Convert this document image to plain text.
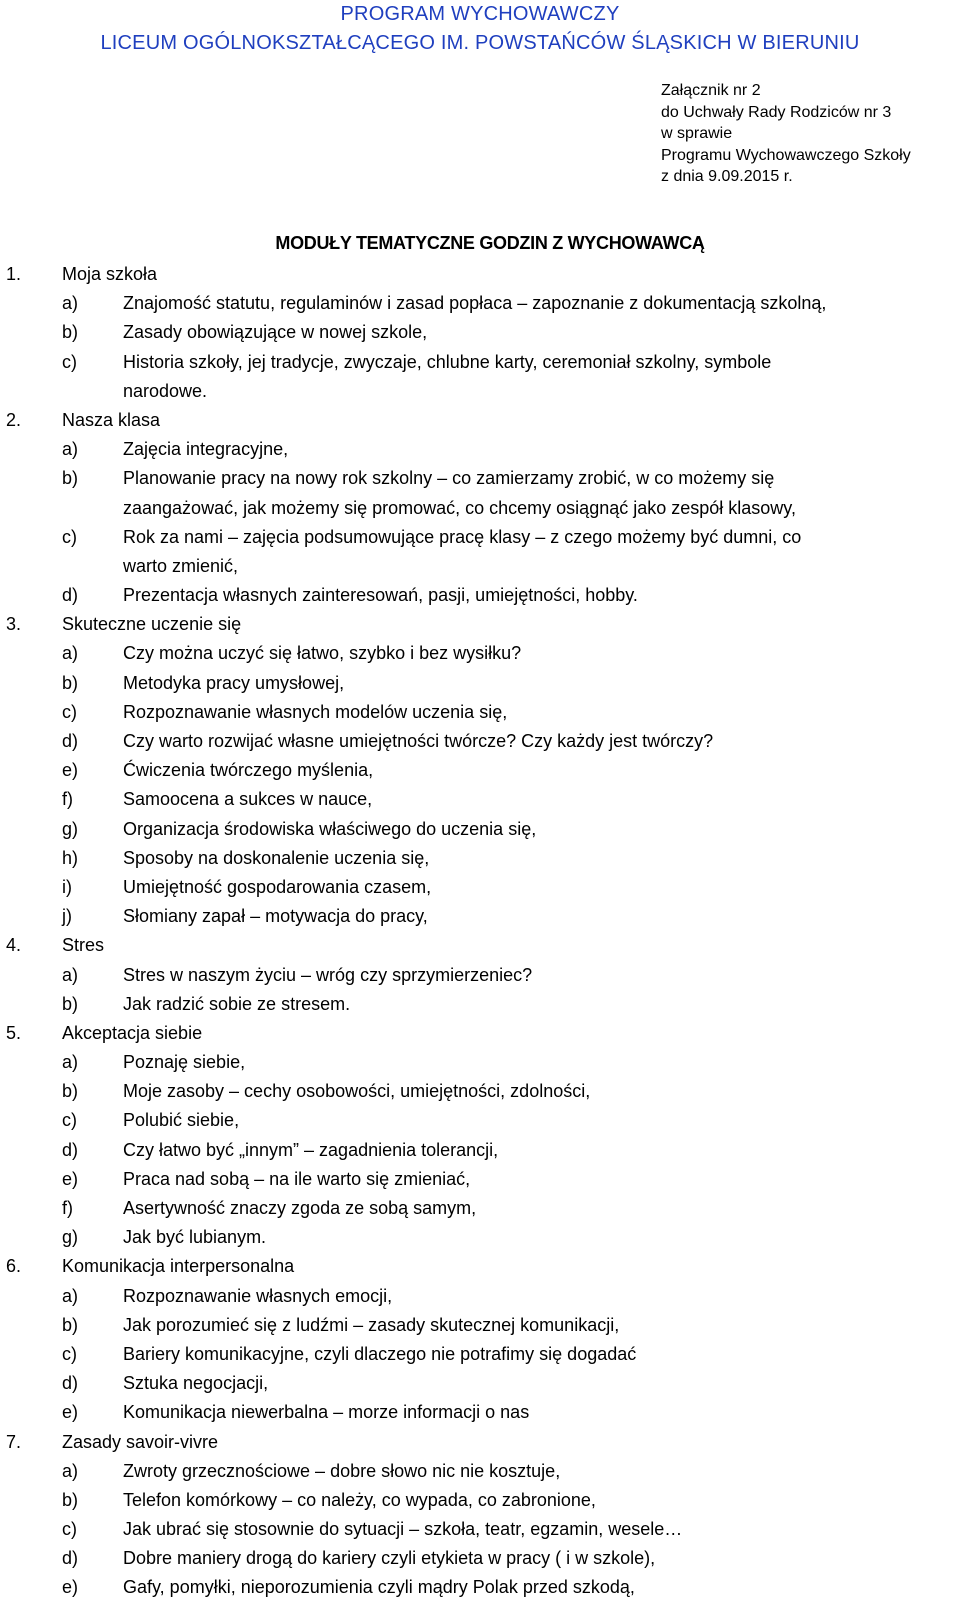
PROGRAM WYCHOWAWCZY
LICEUM OGÓLNOKSZTAŁCĄCEGO IM. POWSTAŃCÓW ŚLĄSKICH W BIERUNIU
Załącznik nr 2
do Uchwały Rady Rodziców nr 3
w sprawie
Programu Wychowawczego Szkoły
z dnia 9.09.2015 r.
MODUŁY TEMATYCZNE GODZIN Z WYCHOWAWCĄ
1. Moja szkoła
a) Znajomość statutu, regulaminów i zasad popłaca – zapoznanie z dokumentacją szkolną,
b) Zasady obowiązujące w nowej szkole,
c)	Historia szkoły, jej tradycje, zwyczaje, chlubne karty, ceremoniał szkolny, symbole
narodowe.
2. Nasza klasa
a) Zajęcia integracyjne,
b) Planowanie pracy na nowy rok szkolny – co zamierzamy zrobić, w co możemy się
zaangażować, jak możemy się promować, co chcemy osiągnąć jako zespół klasowy,
c)	Rok za nami – zajęcia podsumowujące pracę klasy – z czego możemy być dumni, co
warto zmienić,
d) Prezentacja własnych zainteresowań, pasji, umiejętności, hobby.
3. Skuteczne uczenie się
a) Czy można uczyć się łatwo, szybko i bez wysiłku?
b) Metodyka pracy umysłowej,
c)	Rozpoznawanie własnych modelów uczenia się,
d) Czy warto rozwijać własne umiejętności twórcze? Czy każdy jest twórczy?
e) Ćwiczenia twórczego myślenia,
f)	Samoocena a sukces w nauce,
g) Organizacja środowiska właściwego do uczenia się,
h) Sposoby na doskonalenie uczenia się,
i)	Umiejętność gospodarowania czasem,
j)	Słomiany zapał – motywacja do pracy,
4. Stres
a) Stres w naszym życiu – wróg czy sprzymierzeniec?
b) Jak radzić sobie ze stresem.
5. Akceptacja siebie
a) Poznaję siebie,
b) Moje zasoby – cechy osobowości, umiejętności, zdolności,
c)	Polubić siebie,
d) Czy łatwo być „innym” – zagadnienia tolerancji,
e) Praca nad sobą – na ile warto się zmieniać,
f)	Asertywność znaczy zgoda ze sobą samym,
g) Jak być lubianym.
6. Komunikacja interpersonalna
a) Rozpoznawanie własnych emocji,
b) Jak porozumieć się z ludźmi – zasady skutecznej komunikacji,
c)	Bariery komunikacyjne, czyli dlaczego nie potrafimy się dogadać
d) Sztuka negocjacji,
e) Komunikacja niewerbalna – morze informacji o nas
7. Zasady savoir-vivre
a) Zwroty grzecznościowe – dobre słowo nic nie kosztuje,
b) Telefon komórkowy – co należy, co wypada, co zabronione,
c)	Jak ubrać się stosownie do sytuacji – szkoła, teatr, egzamin, wesele…
d) Dobre maniery drogą do kariery czyli etykieta w pracy ( i w szkole),
e) Gafy, pomyłki, nieporozumienia czyli mądry Polak przed szkodą,
